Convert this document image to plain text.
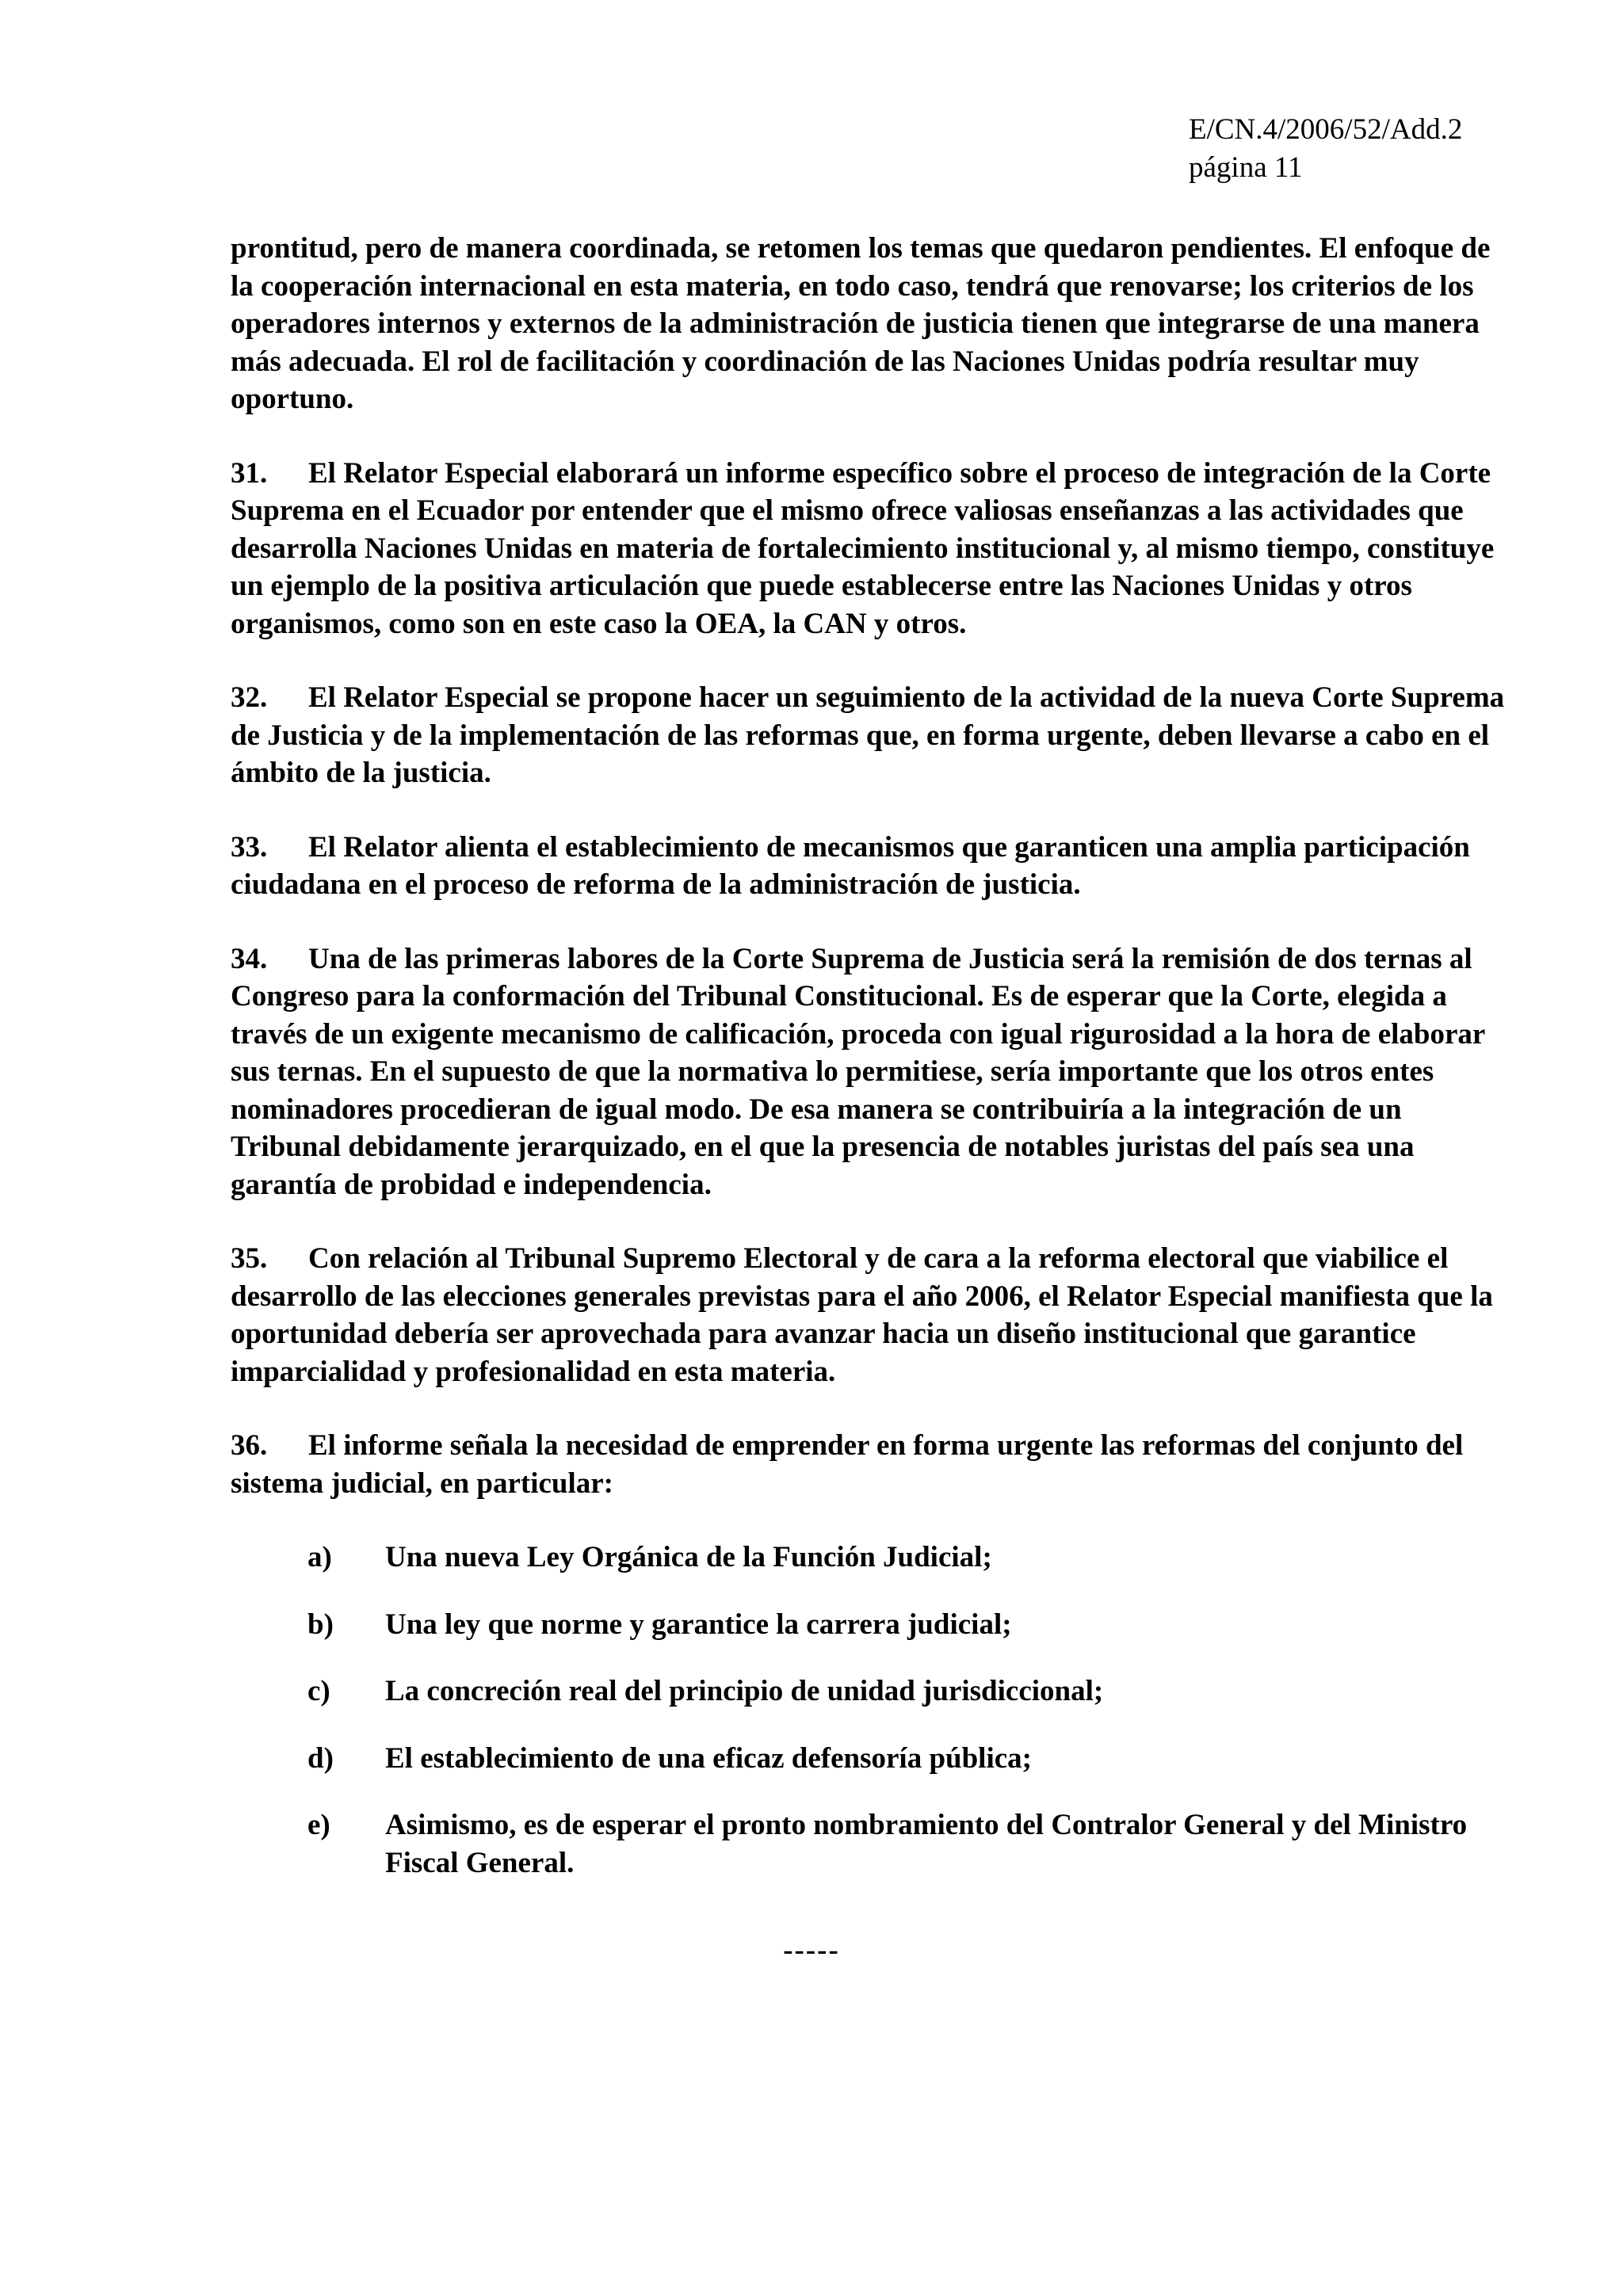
E/CN.4/2006/52/Add.2
página 11

prontitud, pero de manera coordinada, se retomen los temas que quedaron pendientes. El enfoque de la cooperación internacional en esta materia, en todo caso, tendrá que renovarse; los criterios de los operadores internos y externos de la administración de justicia tienen que integrarse de una manera más adecuada. El rol de facilitación y coordinación de las Naciones Unidas podría resultar muy oportuno.

31. El Relator Especial elaborará un informe específico sobre el proceso de integración de la Corte Suprema en el Ecuador por entender que el mismo ofrece valiosas enseñanzas a las actividades que desarrolla Naciones Unidas en materia de fortalecimiento institucional y, al mismo tiempo, constituye un ejemplo de la positiva articulación que puede establecerse entre las Naciones Unidas y otros organismos, como son en este caso la OEA, la CAN y otros.

32. El Relator Especial se propone hacer un seguimiento de la actividad de la nueva Corte Suprema de Justicia y de la implementación de las reformas que, en forma urgente, deben llevarse a cabo en el ámbito de la justicia.

33. El Relator alienta el establecimiento de mecanismos que garanticen una amplia participación ciudadana en el proceso de reforma de la administración de justicia.

34. Una de las primeras labores de la Corte Suprema de Justicia será la remisión de dos ternas al Congreso para la conformación del Tribunal Constitucional. Es de esperar que la Corte, elegida a través de un exigente mecanismo de calificación, proceda con igual rigurosidad a la hora de elaborar sus ternas. En el supuesto de que la normativa lo permitiese, sería importante que los otros entes nominadores procedieran de igual modo. De esa manera se contribuiría a la integración de un Tribunal debidamente jerarquizado, en el que la presencia de notables juristas del país sea una garantía de probidad e independencia.

35. Con relación al Tribunal Supremo Electoral y de cara a la reforma electoral que viabilice el desarrollo de las elecciones generales previstas para el año 2006, el Relator Especial manifiesta que la oportunidad debería ser aprovechada para avanzar hacia un diseño institucional que garantice imparcialidad y profesionalidad en esta materia.

36. El informe señala la necesidad de emprender en forma urgente las reformas del conjunto del sistema judicial, en particular:

a) Una nueva Ley Orgánica de la Función Judicial;
b) Una ley que norme y garantice la carrera judicial;
c) La concreción real del principio de unidad jurisdiccional;
d) El establecimiento de una eficaz defensoría pública;
e) Asimismo, es de esperar el pronto nombramiento del Contralor General y del Ministro Fiscal General.
-----
